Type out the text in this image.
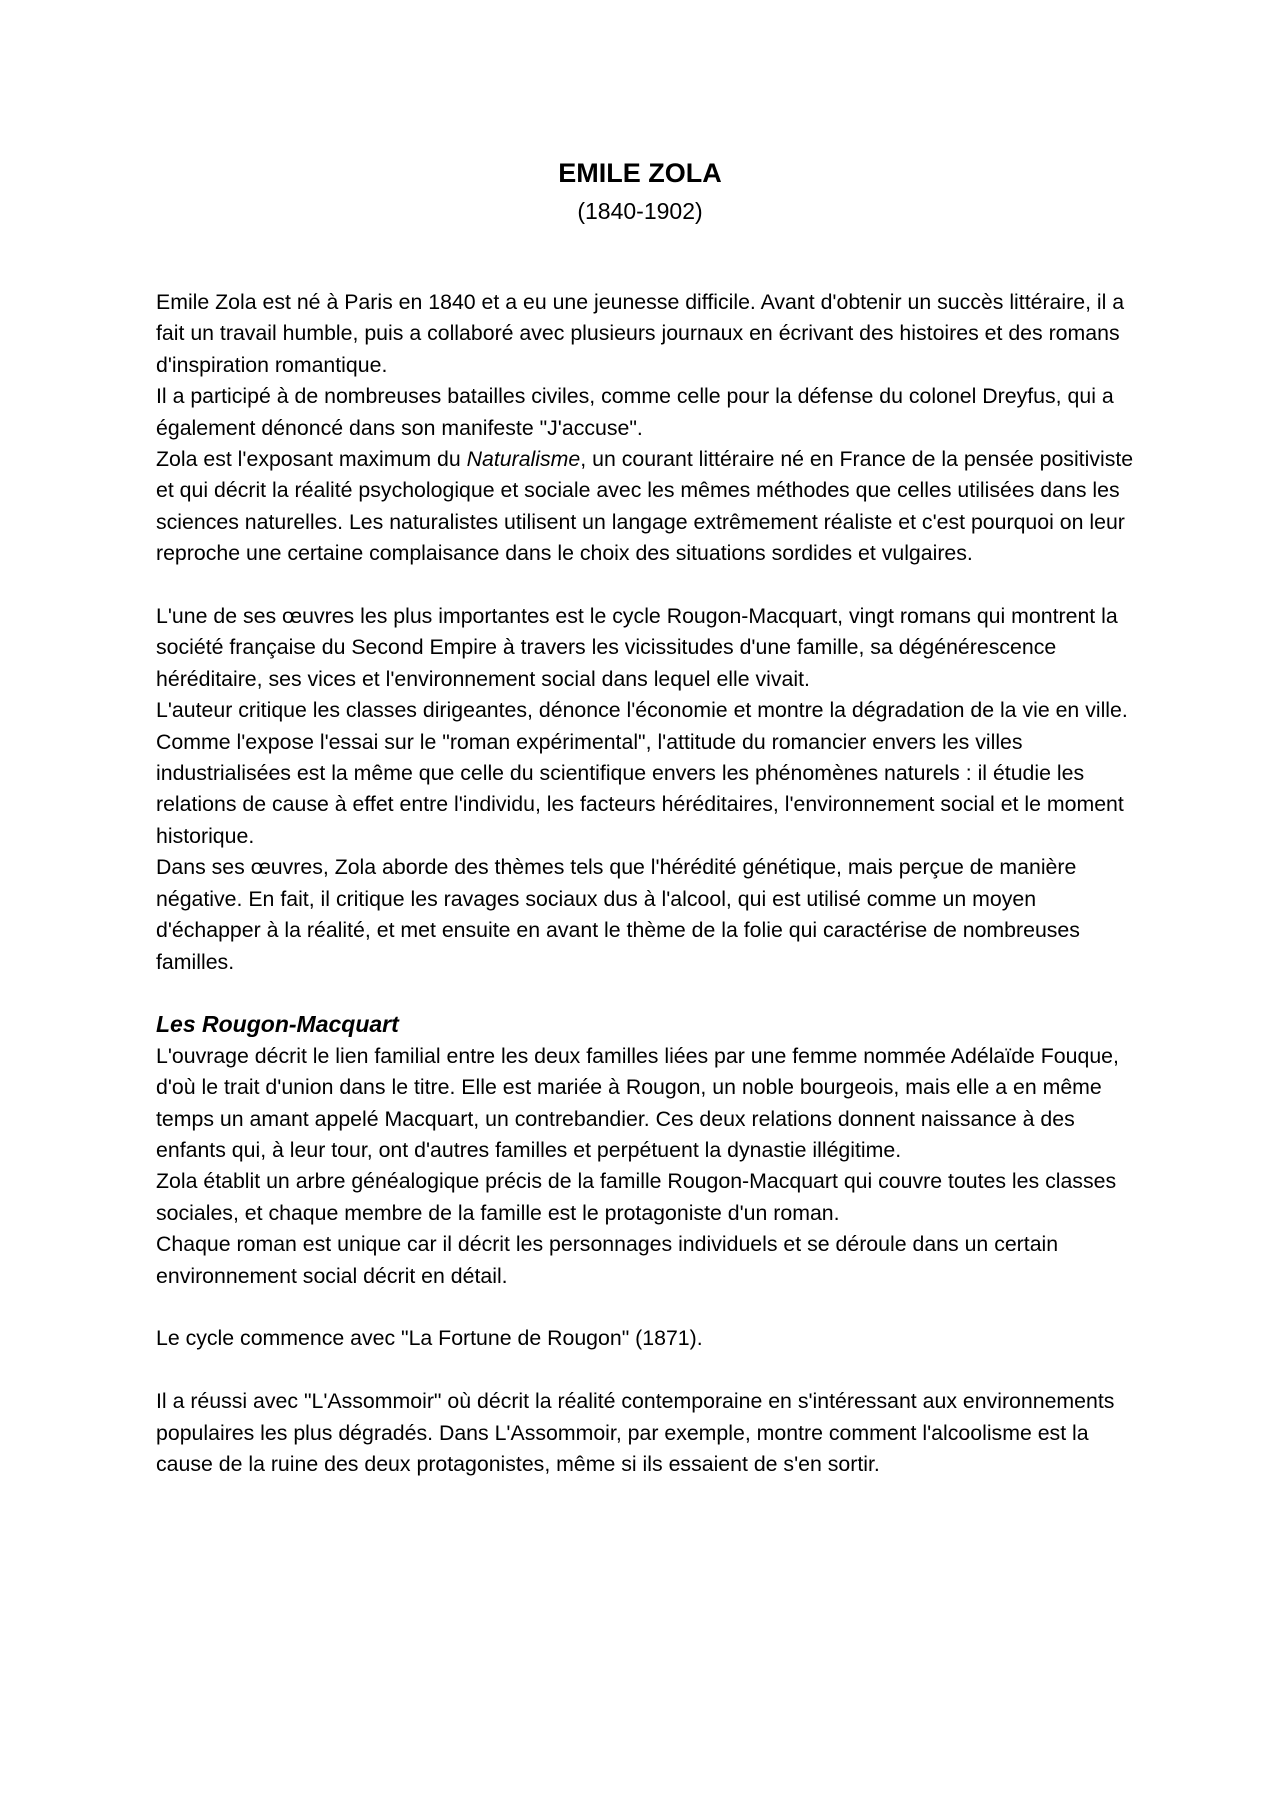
EMILE ZOLA
(1840-1902)

Emile Zola est né à Paris en 1840 et a eu une jeunesse difficile. Avant d'obtenir un succès littéraire, il a fait un travail humble, puis a collaboré avec plusieurs journaux en écrivant des histoires et des romans d'inspiration romantique.

Il a participé à de nombreuses batailles civiles, comme celle pour la défense du colonel Dreyfus, qui a également dénoncé dans son manifeste "J'accuse".

Zola est l'exposant maximum du Naturalisme, un courant littéraire né en France de la pensée positiviste et qui décrit la réalité psychologique et sociale avec les mêmes méthodes que celles utilisées dans les sciences naturelles. Les naturalistes utilisent un langage extrêmement réaliste et c'est pourquoi on leur reproche une certaine complaisance dans le choix des situations sordides et vulgaires.

L'une de ses œuvres les plus importantes est le cycle Rougon-Macquart, vingt romans qui montrent la société française du Second Empire à travers les vicissitudes d'une famille, sa dégénérescence héréditaire, ses vices et l'environnement social dans lequel elle vivait.

L'auteur critique les classes dirigeantes, dénonce l'économie et montre la dégradation de la vie en ville.

Comme l'expose l'essai sur le "roman expérimental", l'attitude du romancier envers les villes industrialisées est la même que celle du scientifique envers les phénomènes naturels : il étudie les relations de cause à effet entre l'individu, les facteurs héréditaires, l'environnement social et le moment historique.

Dans ses œuvres, Zola aborde des thèmes tels que l'hérédité génétique, mais perçue de manière négative. En fait, il critique les ravages sociaux dus à l'alcool, qui est utilisé comme un moyen d'échapper à la réalité, et met ensuite en avant le thème de la folie qui caractérise de nombreuses familles.

Les Rougon-Macquart

L'ouvrage décrit le lien familial entre les deux familles liées par une femme nommée Adélaïde Fouque, d'où le trait d'union dans le titre. Elle est mariée à Rougon, un noble bourgeois, mais elle a en même temps un amant appelé Macquart, un contrebandier. Ces deux relations donnent naissance à des enfants qui, à leur tour, ont d'autres familles et perpétuent la dynastie illégitime.

Zola établit un arbre généalogique précis de la famille Rougon-Macquart qui couvre toutes les classes sociales, et chaque membre de la famille est le protagoniste d'un roman.

Chaque roman est unique car il décrit les personnages individuels et se déroule dans un certain environnement social décrit en détail.

Le cycle commence avec "La Fortune de Rougon" (1871).

Il a réussi avec "L'Assommoir" où décrit la réalité contemporaine en s'intéressant aux environnements populaires les plus dégradés. Dans L'Assommoir, par exemple, montre comment l'alcoolisme est la cause de la ruine des deux protagonistes, même si ils essaient de s'en sortir.
